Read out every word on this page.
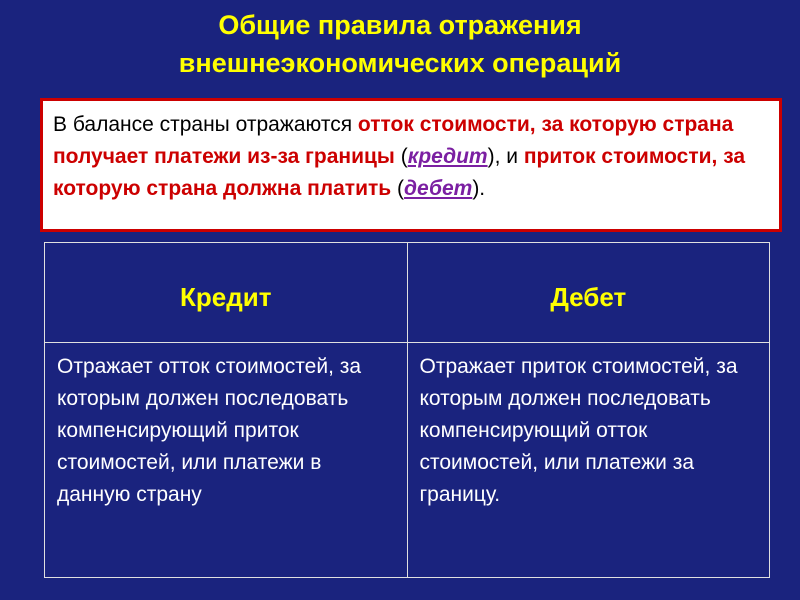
Общие правила отражения
внешнеэкономических операций
В балансе страны отражаются отток стоимости, за которую страна получает платежи из-за границы (кредит), и приток стоимости, за которую страна должна платить (дебет).
Кредит	Дебет
Отражает отток стоимостей, за которым должен последовать компенсирующий приток стоимостей, или платежи в данную страну	Отражает приток стоимостей, за которым должен последовать компенсирующий отток стоимостей, или платежи за границу.
